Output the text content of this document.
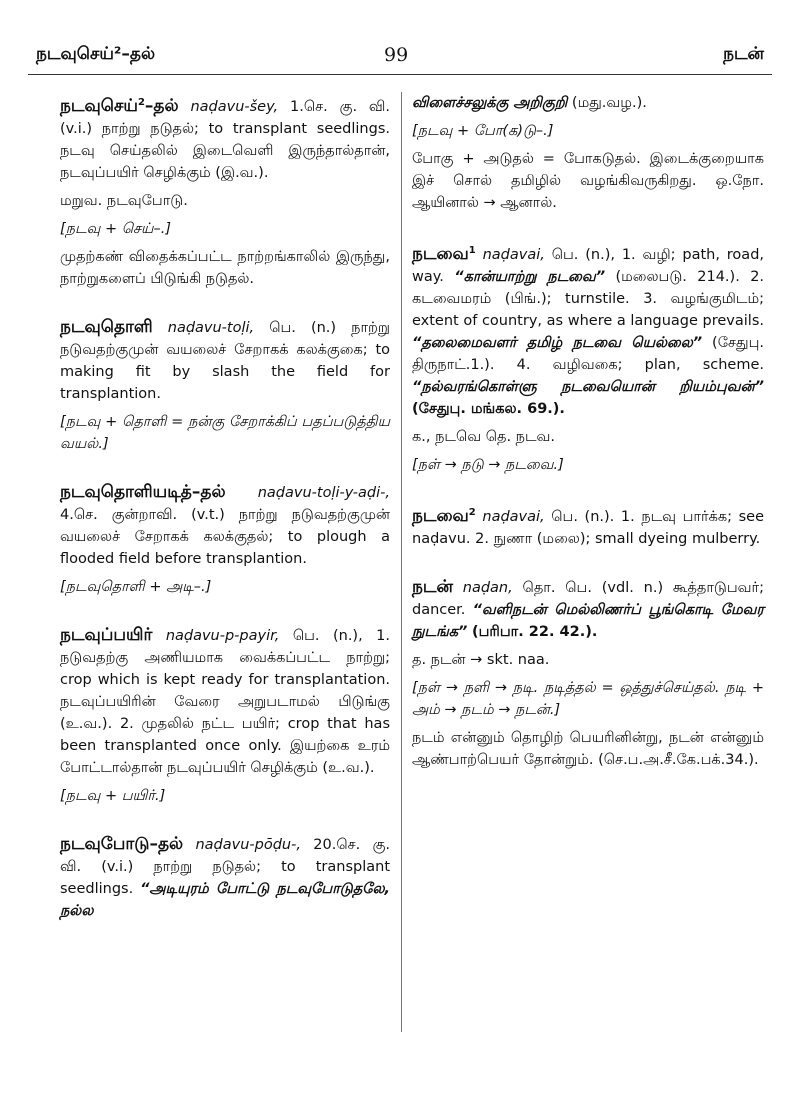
நடவுசெய்²–தல்	99	நடன்

நடவுசெய்$^2$–தல் naḍavu-šey, 1.செ. கு. வி. (v.i.) நாற்று நடுதல்; to transplant seedlings. நடவு செய்தலில் இடைவெளி இருந்தால்தான், நடவுப்பயிர் செழிக்கும் (இ.வ.).

மறுவ. நடவுபோடு.

[நடவு + செய்–.]

முதற்கண் விதைக்கப்பட்ட நாற்றங்காலில் இருந்து, நாற்றுகளைப் பிடுங்கி நடுதல்.

நடவுதொளி naḍavu-toḷi, பெ. (n.) நாற்று நடுவதற்குமுன் வயலைச் சேறாகக் கலக்குகை; to making fit by slash the field for transplantion.

[நடவு + தொளி = நன்கு சேறாக்கிப் பதப்படுத்திய வயல்.]

நடவுதொளியடித்–தல் naḍavu-toḷi-y-aḍi-, 4.செ. குன்றாவி. (v.t.) நாற்று நடுவதற்குமுன் வயலைச் சேறாகக் கலக்குதல்; to plough a flooded field before transplantion.

[நடவுதொளி + அடி–.]

நடவுப்பயிர் naḍavu-p-payir, பெ. (n.), 1. நடுவதற்கு அணியமாக வைக்கப்பட்ட நாற்று; crop which is kept ready for transplantation. நடவுப்பயிரின் வேரை அறுபடாமல் பிடுங்கு (உ.வ.). 2. முதலில் நட்ட பயிர்; crop that has been transplanted once only. இயற்கை உரம் போட்டால்தான் நடவுப்பயிர் செழிக்கும் (உ.வ.).

[நடவு + பயிர்.]

நடவுபோடு–தல் naḍavu-pōḍu-, 20.செ. கு. வி. (v.i.) நாற்று நடுதல்; to transplant seedlings. “அடியுரம் போட்டு நடவுபோடுதலே, நல்ல

விளைச்சலுக்கு அறிகுறி (மது.வழ.).

[நடவு + போ(க)டு–.]

போகு + அடுதல் = போகடுதல். இடைக்குறையாக இச் சொல் தமிழில் வழங்கிவருகிறது. ஒ.நோ. ஆயினால் → ஆனால்.

நடவை$^1$ naḍavai, பெ. (n.), 1. வழி; path, road, way. “கான்யாற்று நடவை” (மலைபடு. 214.). 2. கடவைமரம் (பிங்.); turnstile. 3. வழங்குமிடம்; extent of country, as where a language prevails. “தலைமைவளர் தமிழ் நடவை யெல்லை” (சேதுபு. திருநாட்.1.). 4. வழிவகை; plan, scheme. “நல்வரங்கொள்ளு நடவையொன் றியம்புவன்” (சேதுபு. மங்கல. 69.).

க., நடவெ தெ. நடவ.

[நள் → நடு → நடவை.]

நடவை$^2$ naḍavai, பெ. (n.). 1. நடவு பார்க்க; see naḍavu. 2. நுணா (மலை); small dyeing mulberry.

நடன் naḍan, தொ. பெ. (vdl. n.) கூத்தாடுபவர்; dancer. “வளிநடன் மெல்லிணர்ப் பூங்கொடி மேவர நுடங்க” (பரிபா. 22. 42.).

த. நடன் → skt. naa.

[நள் → நளி → நடி. நடித்தல் = ஒத்துச்செய்தல். நடி + அம் → நடம் → நடன்.]

நடம் என்னும் தொழிற் பெயரினின்று, நடன் என்னும் ஆண்பாற்பெயர் தோன்றும். (செ.ப.அ.சீ.கே.பக்.34.).
